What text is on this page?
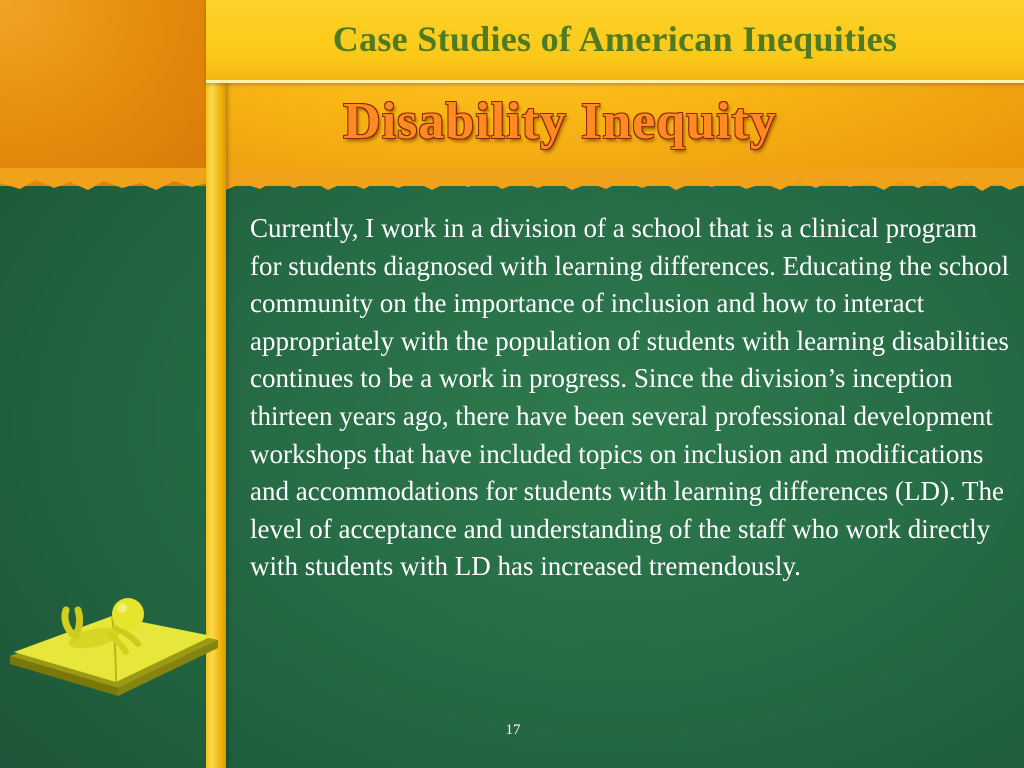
Case Studies of American Inequities
Disability Inequity

Currently, I work in a division of a school that is a clinical program for students diagnosed with learning differences. Educating the school community on the importance of inclusion and how to interact appropriately with the population of students with learning disabilities continues to be a work in progress. Since the division’s inception thirteen years ago, there have been several professional development workshops that have included topics on inclusion and modifications and accommodations for students with learning differences (LD). The level of acceptance and understanding of the staff who work directly with students with LD has increased tremendously.

17
